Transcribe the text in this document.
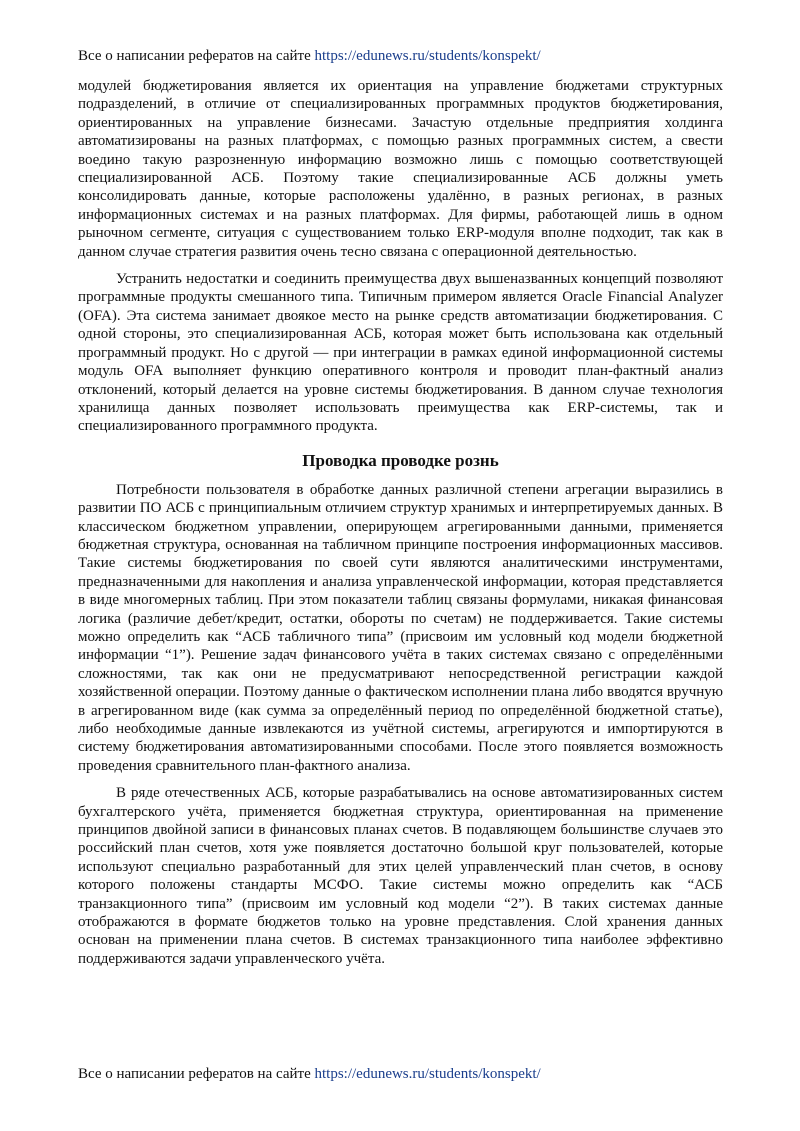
Все о написании рефератов на сайте https://edunews.ru/students/konspekt/

модулей бюджетирования является их ориентация на управление бюджетами структурных подразделений, в отличие от специализированных программных продуктов бюджетирования, ориентированных на управление бизнесами. Зачастую отдельные предприятия холдинга автоматизированы на разных платформах, с помощью разных программных систем, а свести воедино такую разрозненную информацию возможно лишь с помощью соответствующей специализированной АСБ. Поэтому такие специализированные АСБ должны уметь консолидировать данные, которые расположены удалённо, в разных регионах, в разных информационных системах и на разных платформах. Для фирмы, работающей лишь в одном рыночном сегменте, ситуация с существованием только ERP-модуля вполне подходит, так как в данном случае стратегия развития очень тесно связана с операционной деятельностью.

Устранить недостатки и соединить преимущества двух вышеназванных концепций позволяют программные продукты смешанного типа. Типичным примером является Oracle Financial Analyzer (OFA). Эта система занимает двоякое место на рынке средств автоматизации бюджетирования. С одной стороны, это специализированная АСБ, которая может быть использована как отдельный программный продукт. Но с другой — при интеграции в рамках единой информационной системы модуль OFA выполняет функцию оперативного контроля и проводит план-фактный анализ отклонений, который делается на уровне системы бюджетирования. В данном случае технология хранилища данных позволяет использовать преимущества как ERP-системы, так и специализированного программного продукта.

Проводка проводке рознь

Потребности пользователя в обработке данных различной степени агрегации выразились в развитии ПО АСБ с принципиальным отличием структур хранимых и интерпретируемых данных. В классическом бюджетном управлении, оперирующем агрегированными данными, применяется бюджетная структура, основанная на табличном принципе построения информационных массивов. Такие системы бюджетирования по своей сути являются аналитическими инструментами, предназначенными для накопления и анализа управленческой информации, которая представляется в виде многомерных таблиц. При этом показатели таблиц связаны формулами, никакая финансовая логика (различие дебет/кредит, остатки, обороты по счетам) не поддерживается. Такие системы можно определить как “АСБ табличного типа” (присвоим им условный код модели бюджетной информации “1”). Решение задач финансового учёта в таких системах связано с определёнными сложностями, так как они не предусматривают непосредственной регистрации каждой хозяйственной операции. Поэтому данные о фактическом исполнении плана либо вводятся вручную в агрегированном виде (как сумма за определённый период по определённой бюджетной статье), либо необходимые данные извлекаются из учётной системы, агрегируются и импортируются в систему бюджетирования автоматизированными способами. После этого появляется возможность проведения сравнительного план-фактного анализа.

В ряде отечественных АСБ, которые разрабатывались на основе автоматизированных систем бухгалтерского учёта, применяется бюджетная структура, ориентированная на применение принципов двойной записи в финансовых планах счетов. В подавляющем большинстве случаев это российский план счетов, хотя уже появляется достаточно большой круг пользователей, которые используют специально разработанный для этих целей управленческий план счетов, в основу которого положены стандарты МСФО. Такие системы можно определить как “АСБ транзакционного типа” (присвоим им условный код модели “2”). В таких системах данные отображаются в формате бюджетов только на уровне представления. Слой хранения данных основан на применении плана счетов. В системах транзакционного типа наиболее эффективно поддерживаются задачи управленческого учёта.

Все о написании рефератов на сайте https://edunews.ru/students/konspekt/
